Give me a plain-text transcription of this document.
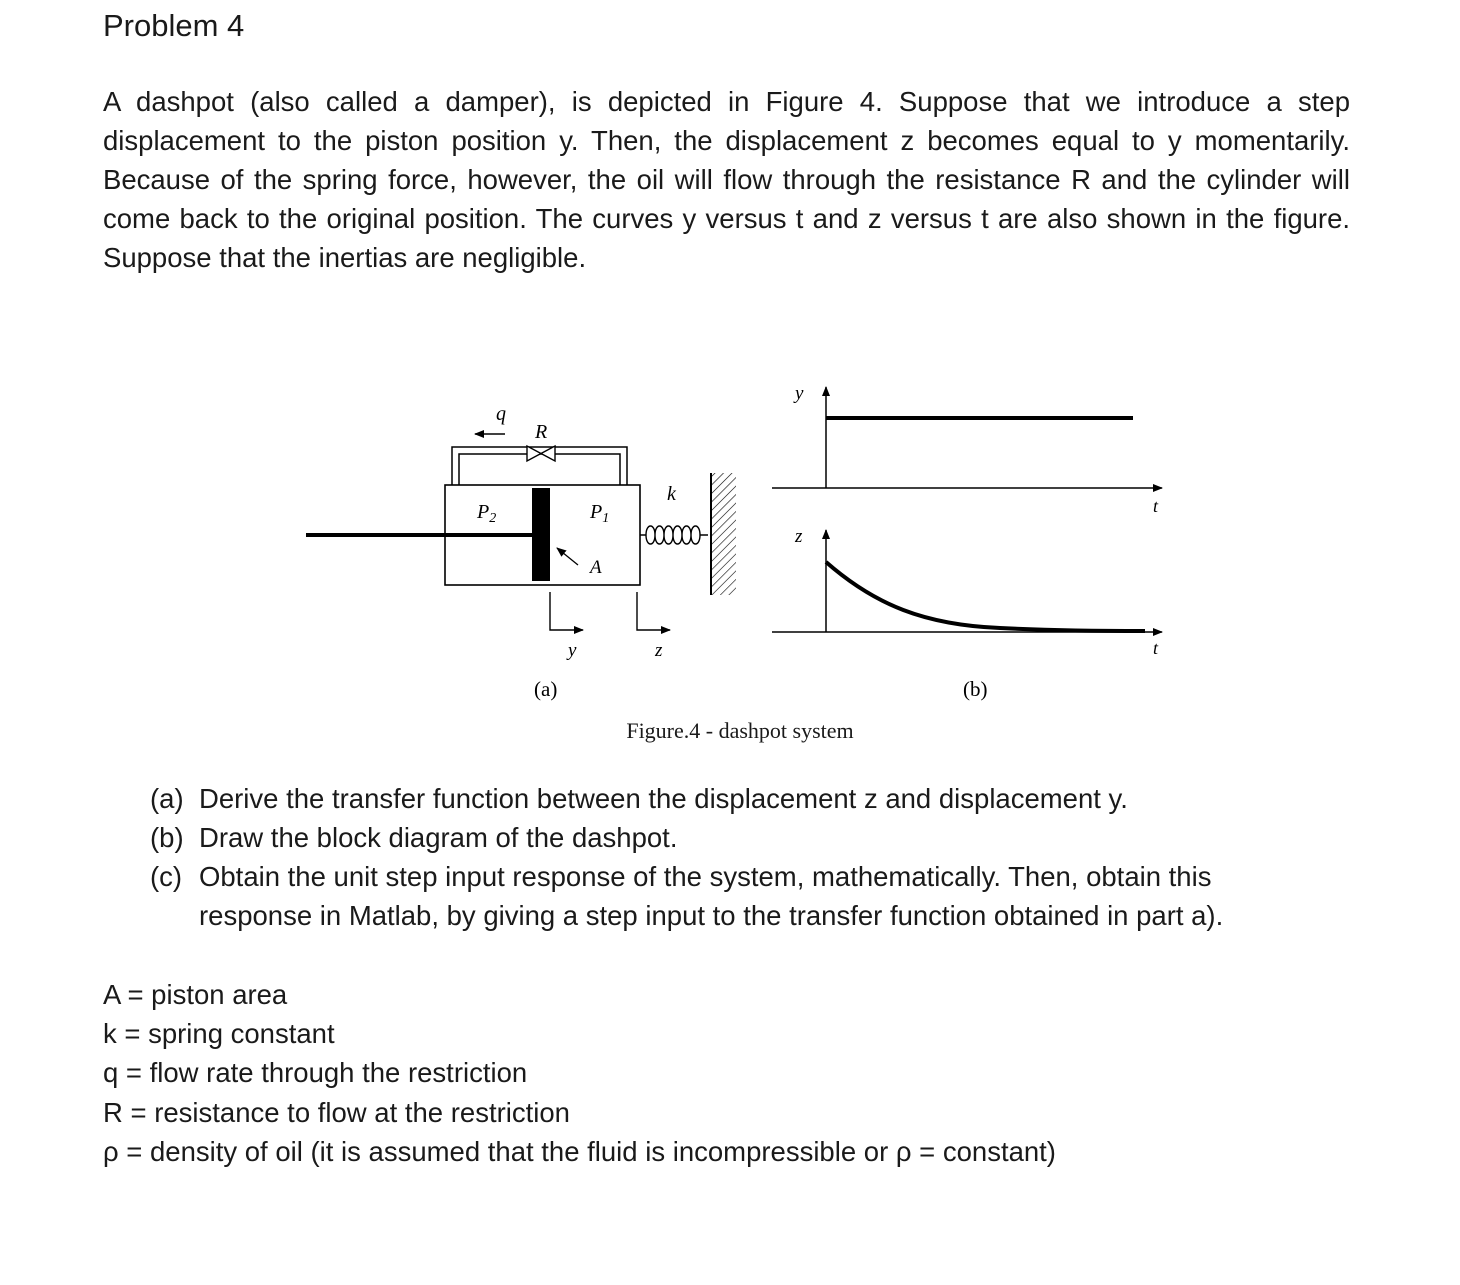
Problem 4
A dashpot (also called a damper), is depicted in Figure 4. Suppose that we introduce a step displacement to the piston position y. Then, the displacement z becomes equal to y momentarily. Because of the spring force, however, the oil will flow through the resistance R and the cylinder will come back to the original position. The curves y versus t and z versus t are also shown in the figure. Suppose that the inertias are negligible.
q
R
$P_2$	$P_1$
A
k
y	z
(a)
y
t
z
t
(b)
Figure.4 - dashpot system
(a) Derive the transfer function between the displacement z and displacement y.
(b) Draw the block diagram of the dashpot.
(c) Obtain the unit step input response of the system, mathematically. Then, obtain this response in Matlab, by giving a step input to the transfer function obtained in part a).
A = piston area
k = spring constant
q = flow rate through the restriction
R = resistance to flow at the restriction
ρ = density of oil (it is assumed that the fluid is incompressible or ρ = constant)
